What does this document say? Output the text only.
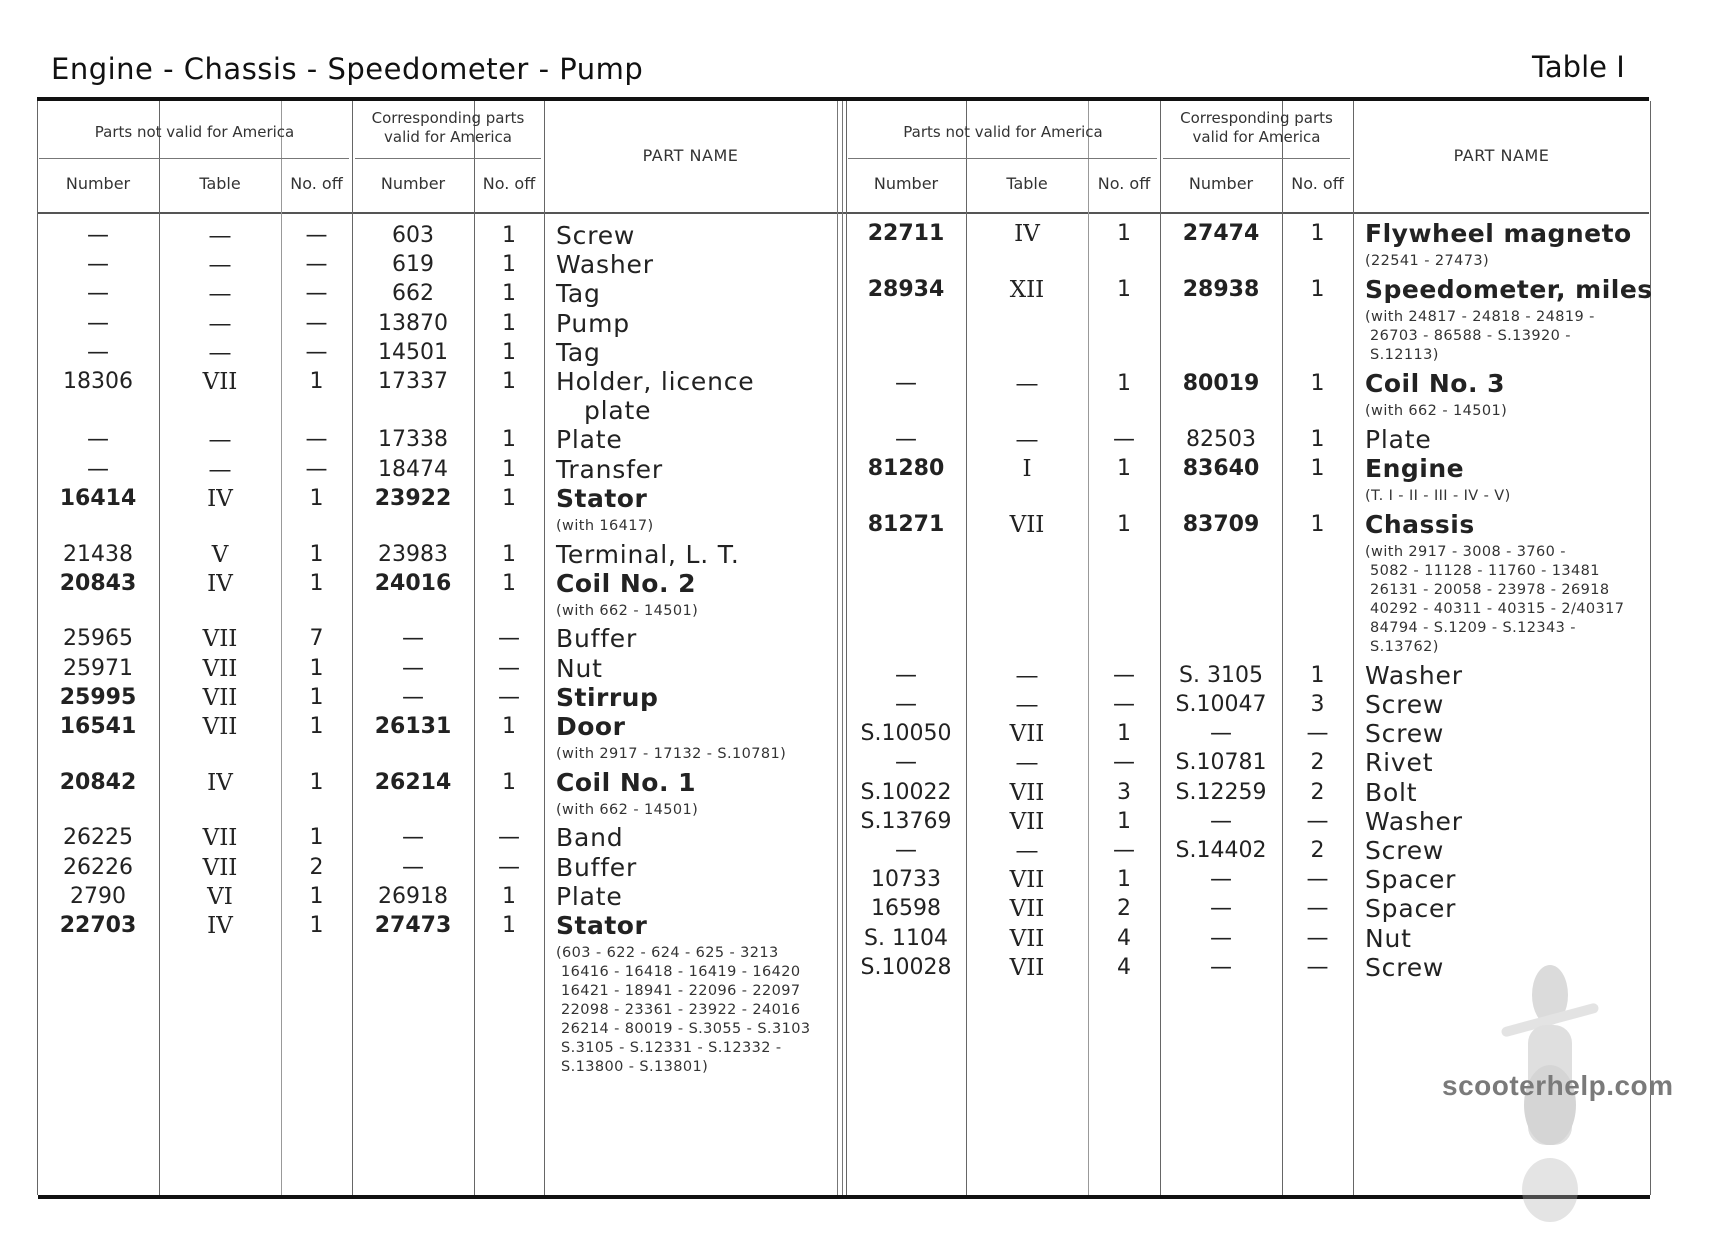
Engine - Chassis - Speedometer - Pump	Table I
Parts not valid for America
Corresponding parts
valid for America
Number	Table	No. off	Number	No. off
PART NAME
—	—	—	603	1	Screw
—	—	—	619	1	Washer
—	—	—	662	1	Tag
—	—	—	13870	1	Pump
—	—	—	14501	1	Tag
18306	VII	1	17337	1	Holder, licence
plate
—	—	—	17338	1	Plate
—	—	—	18474	1	Transfer
16414	IV	1	23922	1	Stator
(with 16417)
21438	V	1	23983	1	Terminal, L. T.
20843	IV	1	24016	1	Coil No. 2
(with 662 - 14501)
25965	VII	7	—	—	Buffer
25971	VII	1	—	—	Nut
25995	VII	1	—	—	Stirrup
16541	VII	1	26131	1	Door
(with 2917 - 17132 - S.10781)
20842	IV	1	26214	1	Coil No. 1
(with 662 - 14501)
26225	VII	1	—	—	Band
26226	VII	2	—	—	Buffer
2790	VI	1	26918	1	Plate
22703	IV	1	27473	1	Stator
(603 - 622 - 624 - 625 - 3213
16416 - 16418 - 16419 - 16420
16421 - 18941 - 22096 - 22097
22098 - 23361 - 23922 - 24016
26214 - 80019 - S.3055 - S.3103
S.3105 - S.12331 - S.12332 -
S.13800 - S.13801)
Parts not valid for America
Corresponding parts
valid for America
Number	Table	No. off	Number	No. off
PART NAME
22711	IV	1	27474	1	Flywheel magneto
(22541 - 27473)
28934	XII	1	28938	1	Speedometer, miles
(with 24817 - 24818 - 24819 -
26703 - 86588 - S.13920 -
S.12113)
—	—	1	80019	1	Coil No. 3
(with 662 - 14501)
—	—	—	82503	1	Plate
81280	I	1	83640	1	Engine
(T. I - II - III - IV - V)
81271	VII	1	83709	1	Chassis
(with 2917 - 3008 - 3760 -
5082 - 11128 - 11760 - 13481
26131 - 20058 - 23978 - 26918
40292 - 40311 - 40315 - 2/40317
84794 - S.1209 - S.12343 -
S.13762)
—	—	—	S. 3105	1	Washer
—	—	—	S.10047	3	Screw
S.10050	VII	1	—	—	Screw
—	—	—	S.10781	2	Rivet
S.10022	VII	3	S.12259	2	Bolt
S.13769	VII	1	—	—	Washer
—	—	—	S.14402	2	Screw
10733	VII	1	—	—	Spacer
16598	VII	2	—	—	Spacer
S. 1104	VII	4	—	—	Nut
S.10028	VII	4	—	—	Screw
scooterhelp.com
